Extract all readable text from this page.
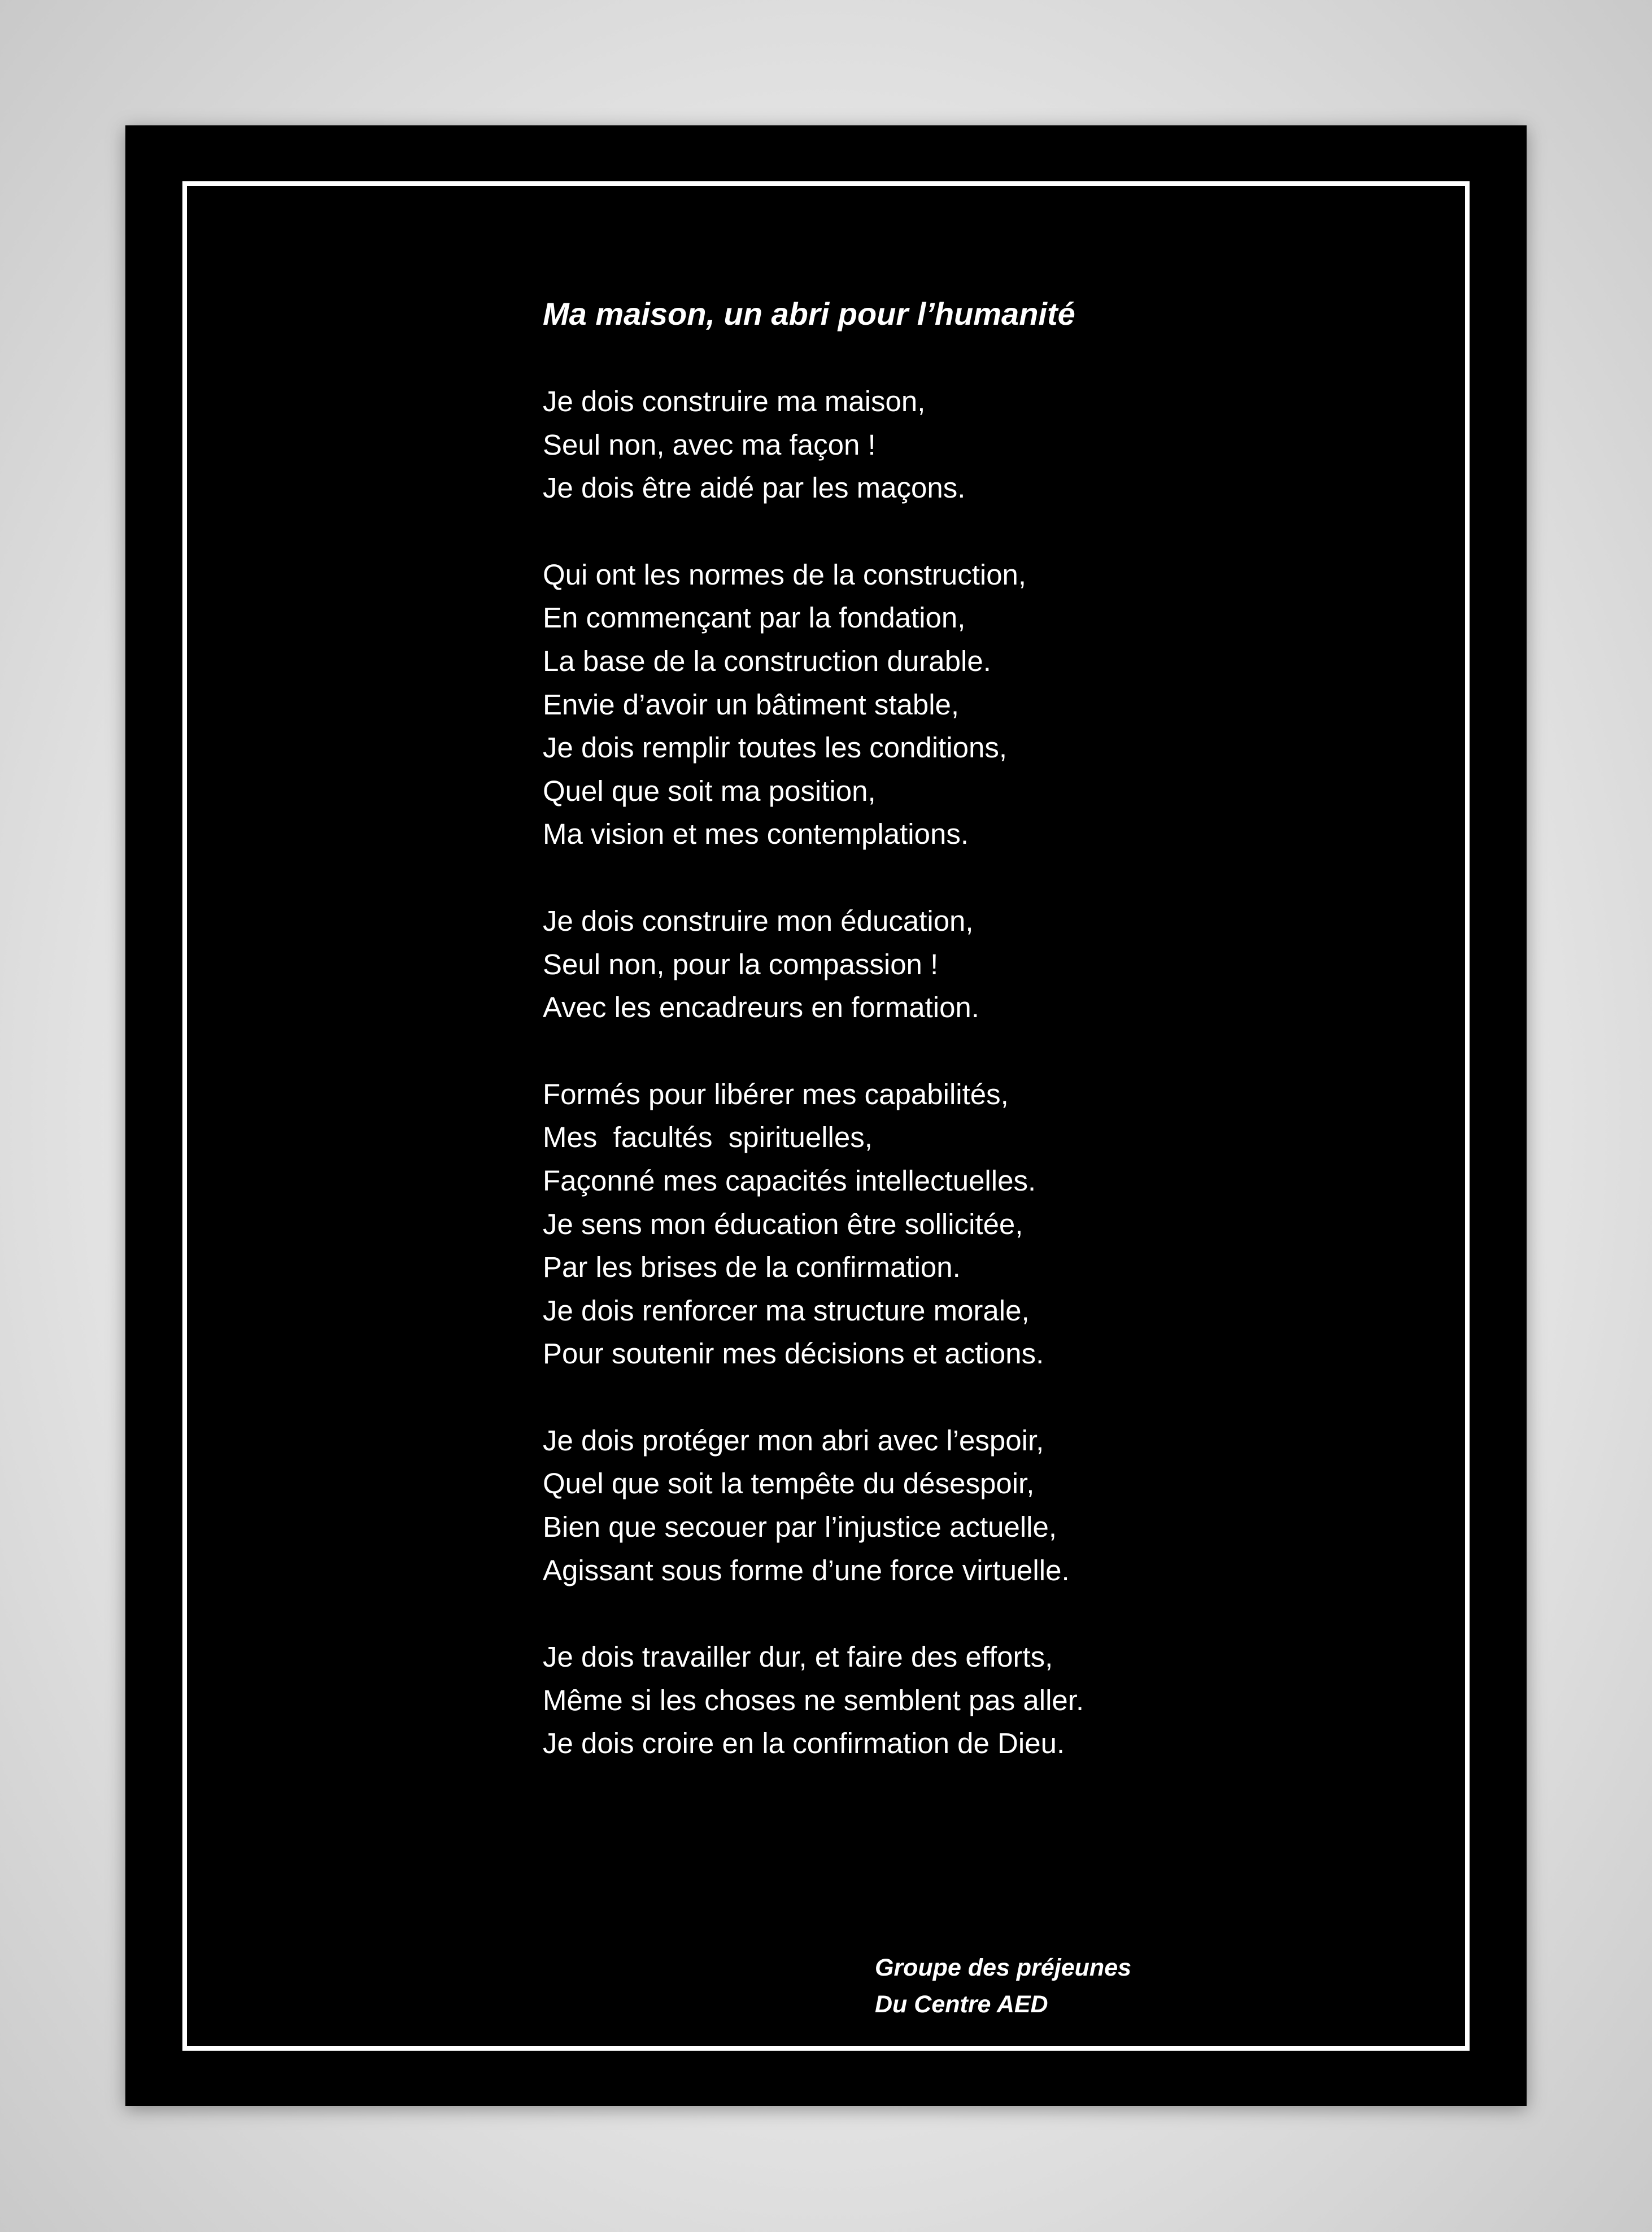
Ma maison, un abri pour l’humanité
Je dois construire ma maison,
Seul non, avec ma façon !
Je dois être aidé par les maçons.
Qui ont les normes de la construction,
En commençant par la fondation,
La base de la construction durable.
Envie d’avoir un bâtiment stable,
Je dois remplir toutes les conditions,
Quel que soit ma position,
Ma vision et mes contemplations.
Je dois construire mon éducation,
Seul non, pour la compassion !
Avec les encadreurs en formation.
Formés pour libérer mes capabilités,
Mes  facultés  spirituelles,
Façonné mes capacités intellectuelles.
Je sens mon éducation être sollicitée,
Par les brises de la confirmation.
Je dois renforcer ma structure morale,
Pour soutenir mes décisions et actions.
Je dois protéger mon abri avec l’espoir,
Quel que soit la tempête du désespoir,
Bien que secouer par l’injustice actuelle,
Agissant sous forme d’une force virtuelle.
Je dois travailler dur, et faire des efforts,
Même si les choses ne semblent pas aller.
Je dois croire en la confirmation de Dieu.
Groupe des préjeunes
Du Centre AED
